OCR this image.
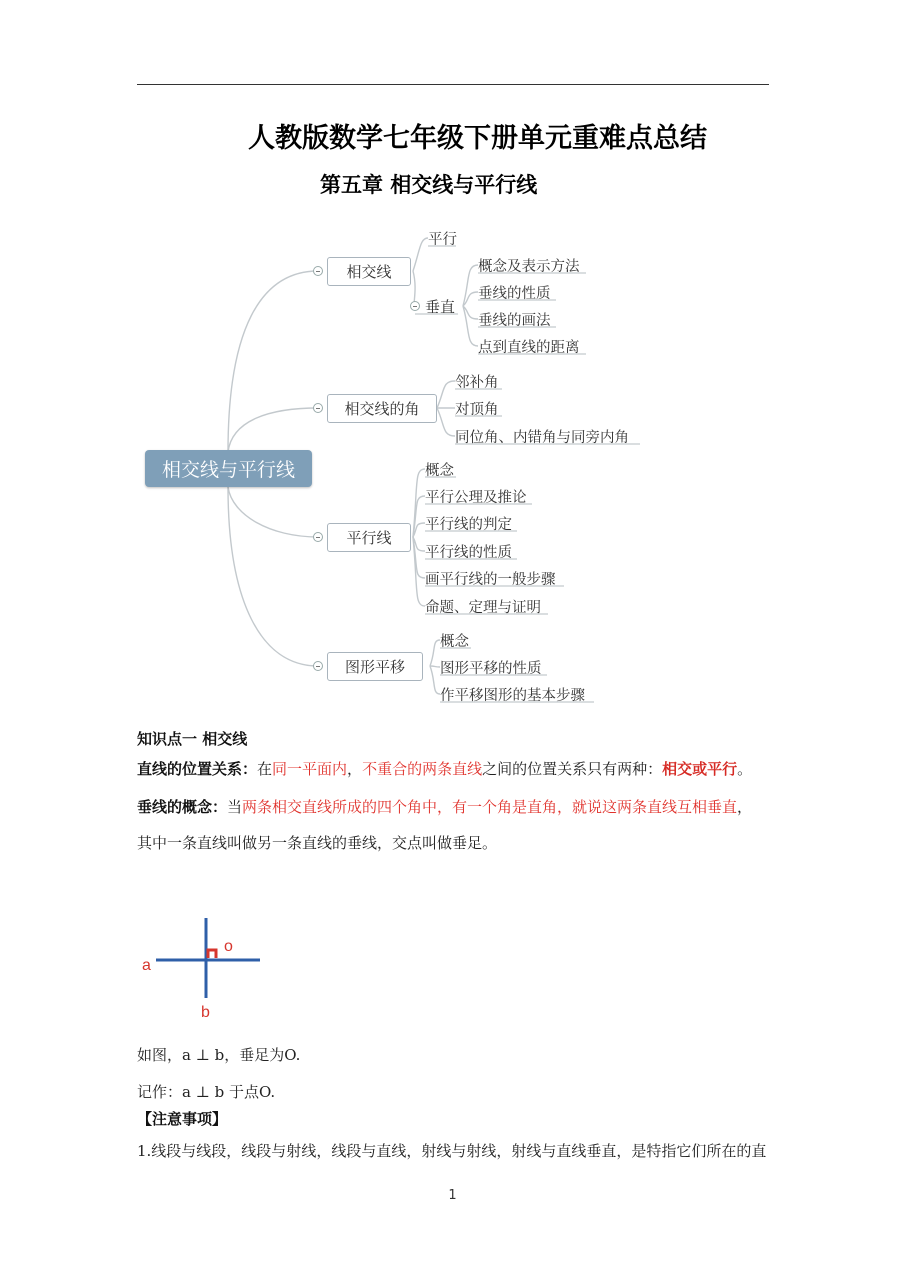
人教版数学七年级下册单元重难点总结
第五章 相交线与平行线
相交线与平行线
相交线
平行
垂直
概念及表示方法
垂线的性质
垂线的画法
点到直线的距离
相交线的角
邻补角
对顶角
同位角、内错角与同旁内角
平行线
概念
平行公理及推论
平行线的判定
平行线的性质
画平行线的一般步骤
命题、定理与证明
图形平移
概念
图形平移的性质
作平移图形的基本步骤
知识点一 相交线
直线的位置关系：在同一平面内，不重合的两条直线之间的位置关系只有两种：相交或平行。
垂线的概念：当两条相交直线所成的四个角中，有一个角是直角，就说这两条直线互相垂直，
其中一条直线叫做另一条直线的垂线，交点叫做垂足。
a
o
b
如图，a ⊥ b，垂足为O.
记作：a ⊥ b 于点O.
【注意事项】
1.线段与线段，线段与射线，线段与直线，射线与射线，射线与直线垂直，是特指它们所在的直
1
